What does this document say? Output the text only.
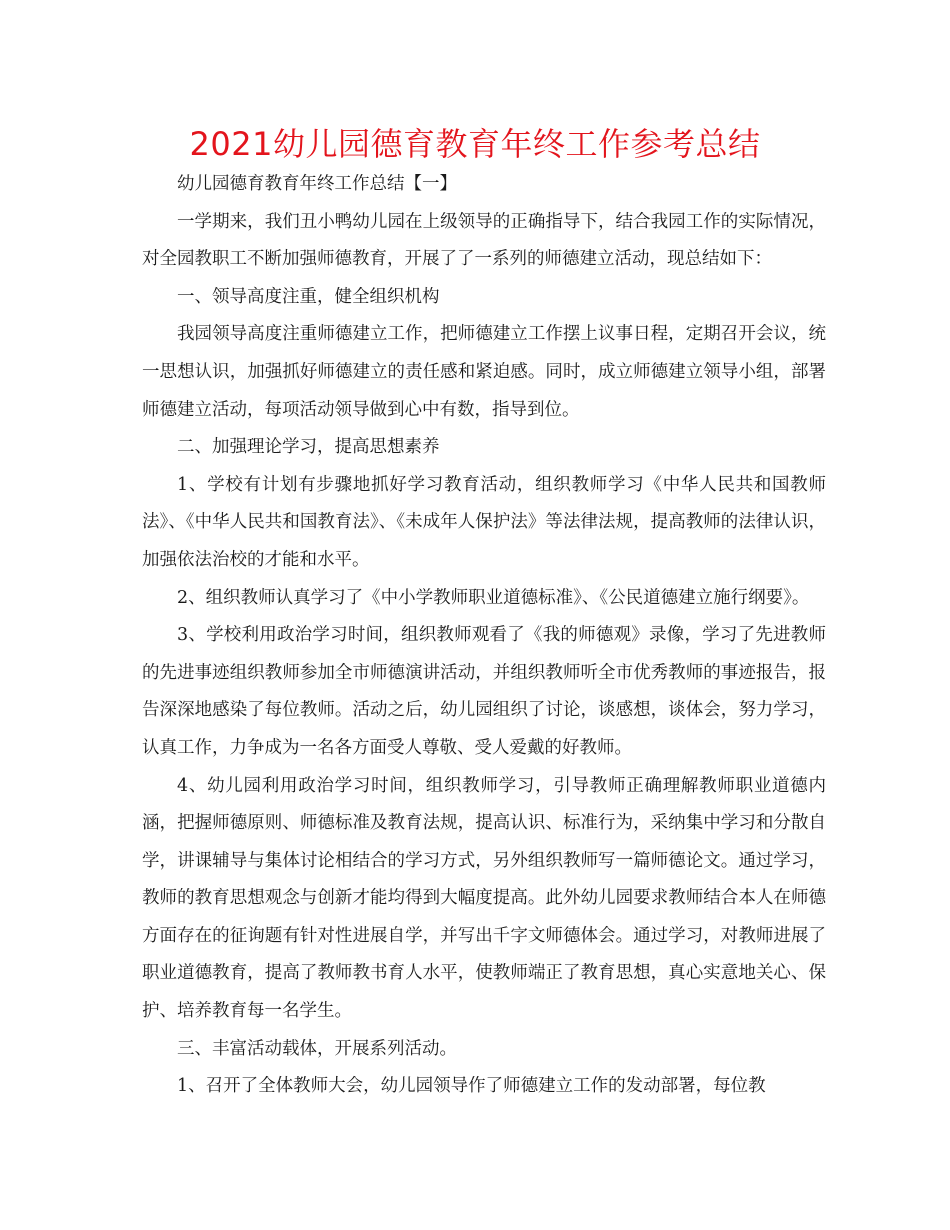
2021幼儿园德育教育年终工作参考总结

幼儿园德育教育年终工作总结【一】

一学期来，我们丑小鸭幼儿园在上级领导的正确指导下，结合我园工作的实际情况，对全园教职工不断加强师德教育，开展了了一系列的师德建立活动，现总结如下：

一、领导高度注重，健全组织机构

我园领导高度注重师德建立工作，把师德建立工作摆上议事日程，定期召开会议，统一思想认识，加强抓好师德建立的责任感和紧迫感。同时，成立师德建立领导小组，部署师德建立活动，每项活动领导做到心中有数，指导到位。

二、加强理论学习，提高思想素养

1、学校有计划有步骤地抓好学习教育活动，组织教师学习《中华人民共和国教师法》、《中华人民共和国教育法》、《未成年人保护法》等法律法规，提高教师的法律认识，加强依法治校的才能和水平。

2、组织教师认真学习了《中小学教师职业道德标准》、《公民道德建立施行纲要》。

3、学校利用政治学习时间，组织教师观看了《我的师德观》录像，学习了先进教师的先进事迹组织教师参加全市师德演讲活动，并组织教师听全市优秀教师的事迹报告，报告深深地感染了每位教师。活动之后，幼儿园组织了讨论，谈感想，谈体会，努力学习，认真工作，力争成为一名各方面受人尊敬、受人爱戴的好教师。

4、幼儿园利用政治学习时间，组织教师学习，引导教师正确理解教师职业道德内涵，把握师德原则、师德标准及教育法规，提高认识、标准行为，采纳集中学习和分散自学，讲课辅导与集体讨论相结合的学习方式，另外组织教师写一篇师德论文。通过学习，教师的教育思想观念与创新才能均得到大幅度提高。此外幼儿园要求教师结合本人在师德方面存在的征询题有针对性进展自学，并写出千字文师德体会。通过学习，对教师进展了职业道德教育，提高了教师教书育人水平，使教师端正了教育思想，真心实意地关心、保护、培养教育每一名学生。

三、丰富活动载体，开展系列活动。

1、召开了全体教师大会，幼儿园领导作了师德建立工作的发动部署，每位教
